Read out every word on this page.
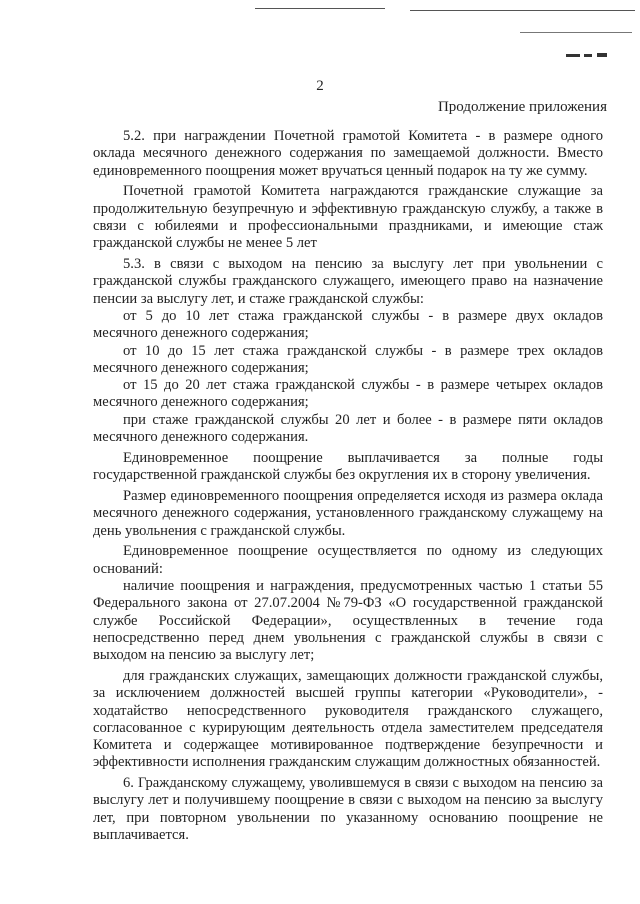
2
Продолжение приложения

5.2. при награждении Почетной грамотой Комитета - в размере одного оклада месячного денежного содержания по замещаемой должности. Вместо единовременного поощрения может вручаться ценный подарок на ту же сумму.

Почетной грамотой Комитета награждаются гражданские служащие за продолжительную безупречную и эффективную гражданскую службу, а также в связи с юбилеями и профессиональными праздниками, и имеющие стаж гражданской службы не менее 5 лет

5.3. в связи с выходом на пенсию за выслугу лет при увольнении с гражданской службы гражданского служащего, имеющего право на назначение пенсии за выслугу лет, и стаже гражданской службы:

от 5 до 10 лет стажа гражданской службы - в размере двух окладов месячного денежного содержания;

от 10 до 15 лет стажа гражданской службы - в размере трех окладов месячного денежного содержания;

от 15 до 20 лет стажа гражданской службы - в размере четырех окладов месячного денежного содержания;

при стаже гражданской службы 20 лет и более - в размере пяти окладов месячного денежного содержания.

Единовременное поощрение выплачивается за полные годы государственной гражданской службы без округления их в сторону увеличения.

Размер единовременного поощрения определяется исходя из размера оклада месячного денежного содержания, установленного гражданскому служащему на день увольнения с гражданской службы.

Единовременное поощрение осуществляется по одному из следующих оснований:

наличие поощрения и награждения, предусмотренных частью 1 статьи 55 Федерального закона от 27.07.2004 №79-ФЗ «О государственной гражданской службе Российской Федерации», осуществленных в течение года непосредственно перед днем увольнения с гражданской службы в связи с выходом на пенсию за выслугу лет;

для гражданских служащих, замещающих должности гражданской службы, за исключением должностей высшей группы категории «Руководители», - ходатайство непосредственного руководителя гражданского служащего, согласованное с курирующим деятельность отдела заместителем председателя Комитета и содержащее мотивированное подтверждение безупречности и эффективности исполнения гражданским служащим должностных обязанностей.

6. Гражданскому служащему, уволившемуся в связи с выходом на пенсию за выслугу лет и получившему поощрение в связи с выходом на пенсию за выслугу лет, при повторном увольнении по указанному основанию поощрение не выплачивается.
